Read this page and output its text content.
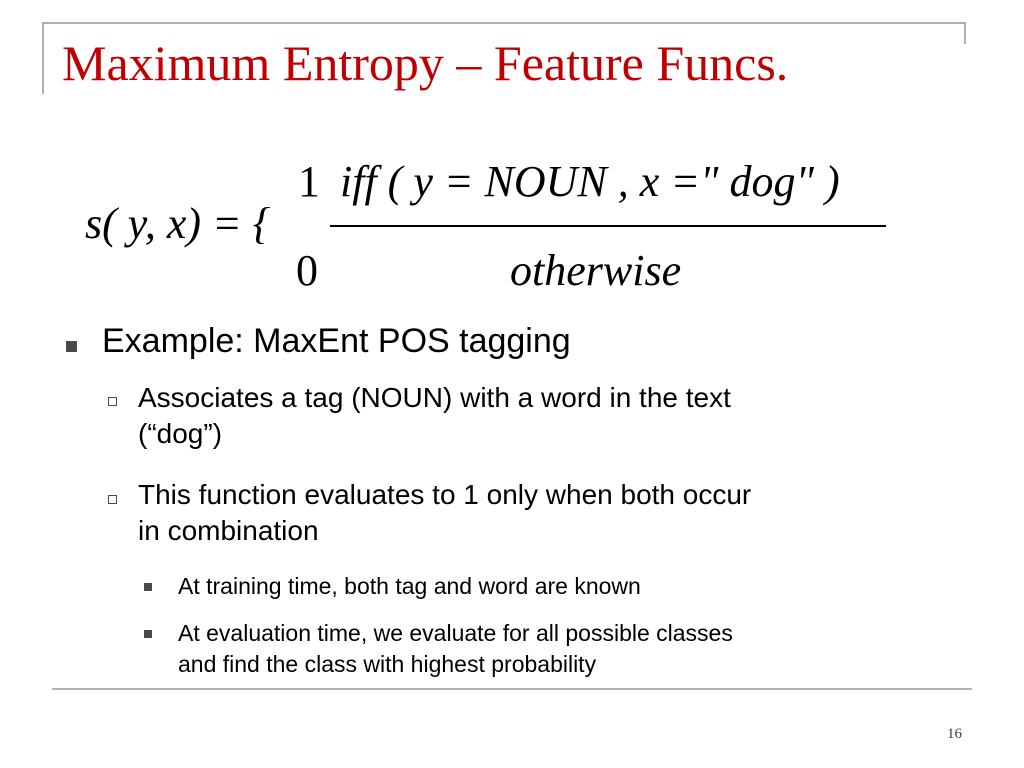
Maximum Entropy – Feature Funcs.
s( y, x) = {
1 iff ( y = NOUN , x =" dog" )
0	otherwise
Example: MaxEnt POS tagging
Associates a tag (NOUN) with a word in the text
(“dog”)
This function evaluates to 1 only when both occur
in combination
At training time, both tag and word are known
At evaluation time, we evaluate for all possible classes
and find the class with highest probability
16
